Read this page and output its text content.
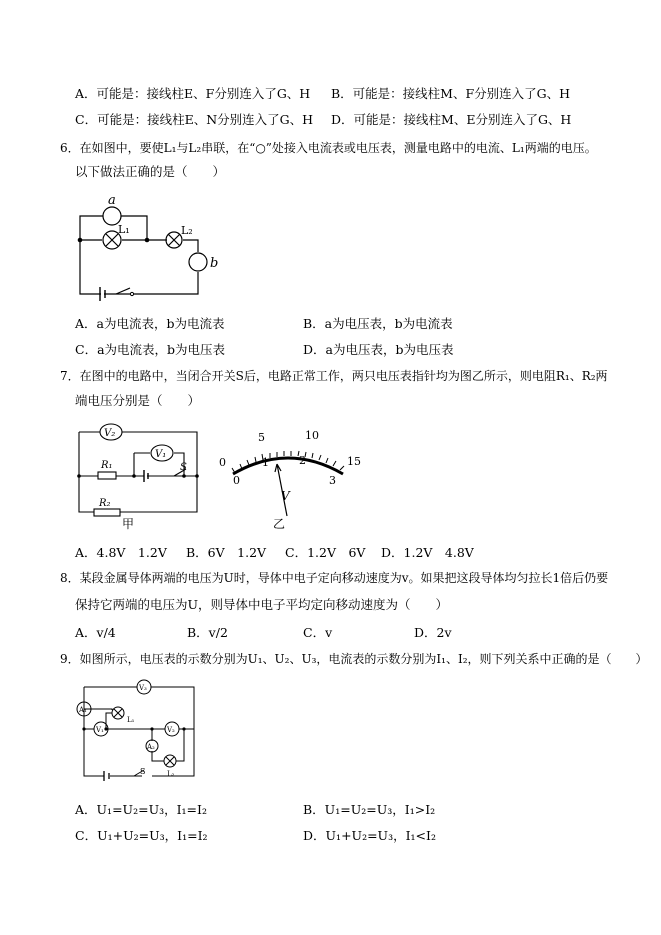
A．可能是：接线柱E、F分别连入了G、H B．可能是：接线柱M、F分别连入了G、H
C．可能是：接线柱E、N分别连入了G、H D．可能是：接线柱M、E分别连入了G、H
6．在如图中，要使L₁与L₂串联，在“○”处接入电流表或电压表，测量电路中的电流、L₁两端的电压。
以下做法正确的是（　　）
a
L₁	L₂
b
A．a为电流表，b为电流表	B．a为电压表，b为电流表
C．a为电流表，b为电压表	D．a为电压表，b为电压表
7．在图中的电路中，当闭合开关S后，电路正常工作，两只电压表指针均为图乙所示，则电阻R₁、R₂两
端电压分别是（　　）
V₂
V₁
R₁
R₂
S
甲
0
5	10
15
0
1	2
3
V
乙
A．4.8V　1.2V B．6V　1.2V C．1.2V　6V D．1.2V　4.8V
8．某段金属导体两端的电压为U时，导体中电子定向移动速度为v。如果把这段导体均匀拉长1倍后仍要
保持它两端的电压为U，则导体中电子平均定向移动速度为（　　）
A．v/4	B．v/2	C．v	D．2v
9．如图所示，电压表的示数分别为U₁、U₂、U₃，电流表的示数分别为I₁、I₂，则下列关系中正确的是（　　）
V₃
A₁
L₁
V₁	V₂
A₂
S	L₂
A．U₁=U₂=U₃，I₁=I₂	B．U₁=U₂=U₃，I₁>I₂
C．U₁+U₂=U₃，I₁=I₂	D．U₁+U₂=U₃，I₁<I₂
